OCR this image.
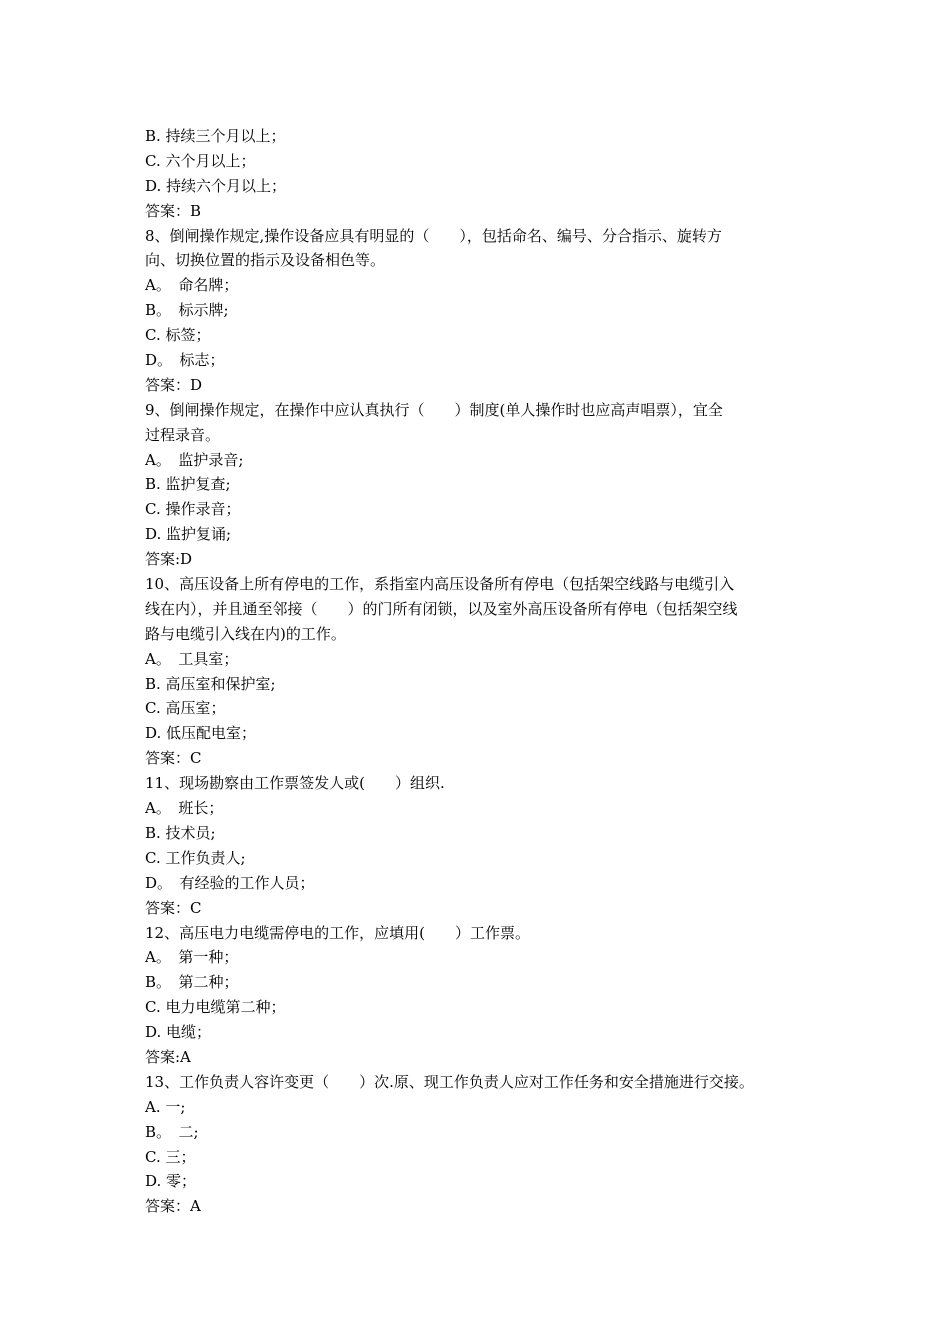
B. 持续三个月以上；
C. 六个月以上；
D. 持续六个月以上；
答案：B
8、倒闸操作规定,操作设备应具有明显的（　　），包括命名、编号、分合指示、旋转方
向、切换位置的指示及设备相色等。
A。　命名牌；
B。　标示牌;
C. 标签；
D。　标志；
答案：D
9、倒闸操作规定，在操作中应认真执行（　　）制度(单人操作时也应高声唱票），宜全
过程录音。
A。　监护录音;
B. 监护复查;
C. 操作录音；
D. 监护复诵;
答案:D
10、高压设备上所有停电的工作，系指室内高压设备所有停电（包括架空线路与电缆引入
线在内），并且通至邻接（　　）的门所有闭锁，以及室外高压设备所有停电（包括架空线
路与电缆引入线在内)的工作。
A。　工具室；
B. 高压室和保护室;
C. 高压室；
D. 低压配电室；
答案：C
11、现场勘察由工作票签发人或(　　）组织.
A。　班长；
B. 技术员;
C. 工作负责人;
D。　有经验的工作人员；
答案：C
12、高压电力电缆需停电的工作，应填用(　　）工作票。
A。　第一种；
B。　第二种；
C. 电力电缆第二种；
D. 电缆；
答案:A
13、工作负责人容许变更（　　）次.原、现工作负责人应对工作任务和安全措施进行交接。
A. 一;
B。　二;
C. 三；
D. 零；
答案：A
